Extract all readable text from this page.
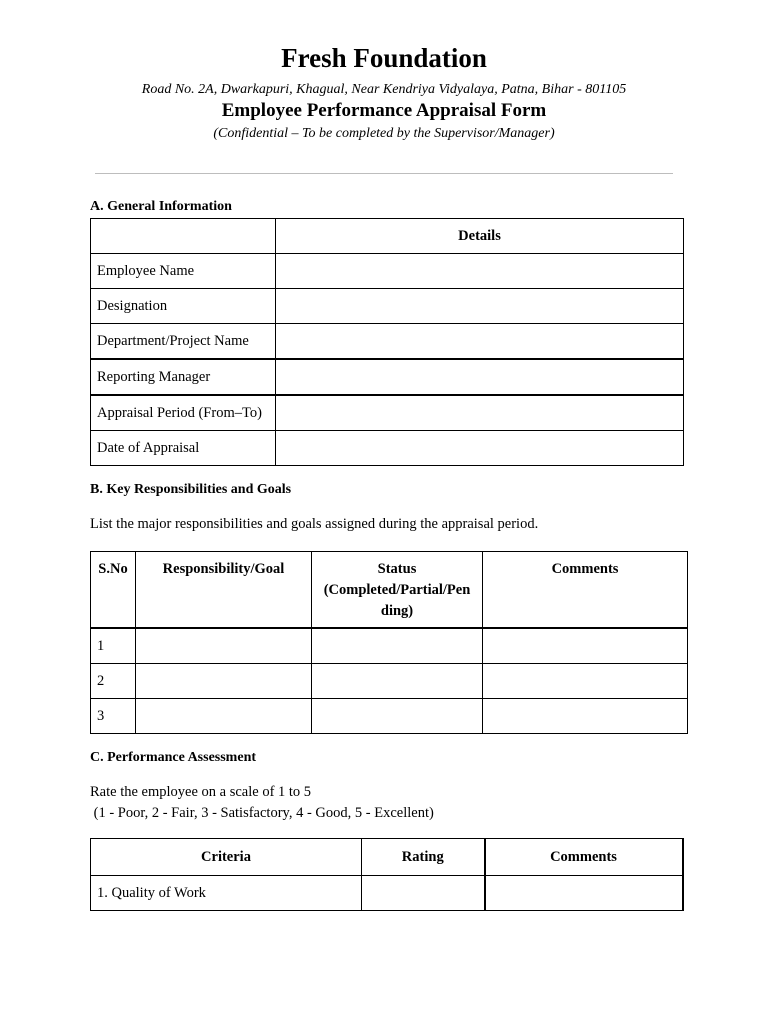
Fresh Foundation
Road No. 2A, Dwarkapuri, Khagual, Near Kendriya Vidyalaya, Patna, Bihar - 801105
Employee Performance Appraisal Form
(Confidential – To be completed by the Supervisor/Manager)
A. General Information
	Details
Employee Name	
Designation	
Department/Project Name	
Reporting Manager	
Appraisal Period (From–To)	
Date of Appraisal	
B. Key Responsibilities and Goals
List the major responsibilities and goals assigned during the appraisal period.
S.No	Responsibility/Goal	Status
(Completed/Partial/Pen
ding)	Comments
1			
2			
3			
C. Performance Assessment
Rate the employee on a scale of 1 to 5
(1 - Poor, 2 - Fair, 3 - Satisfactory, 4 - Good, 5 - Excellent)
Criteria	Rating	Comments
1. Quality of Work		
